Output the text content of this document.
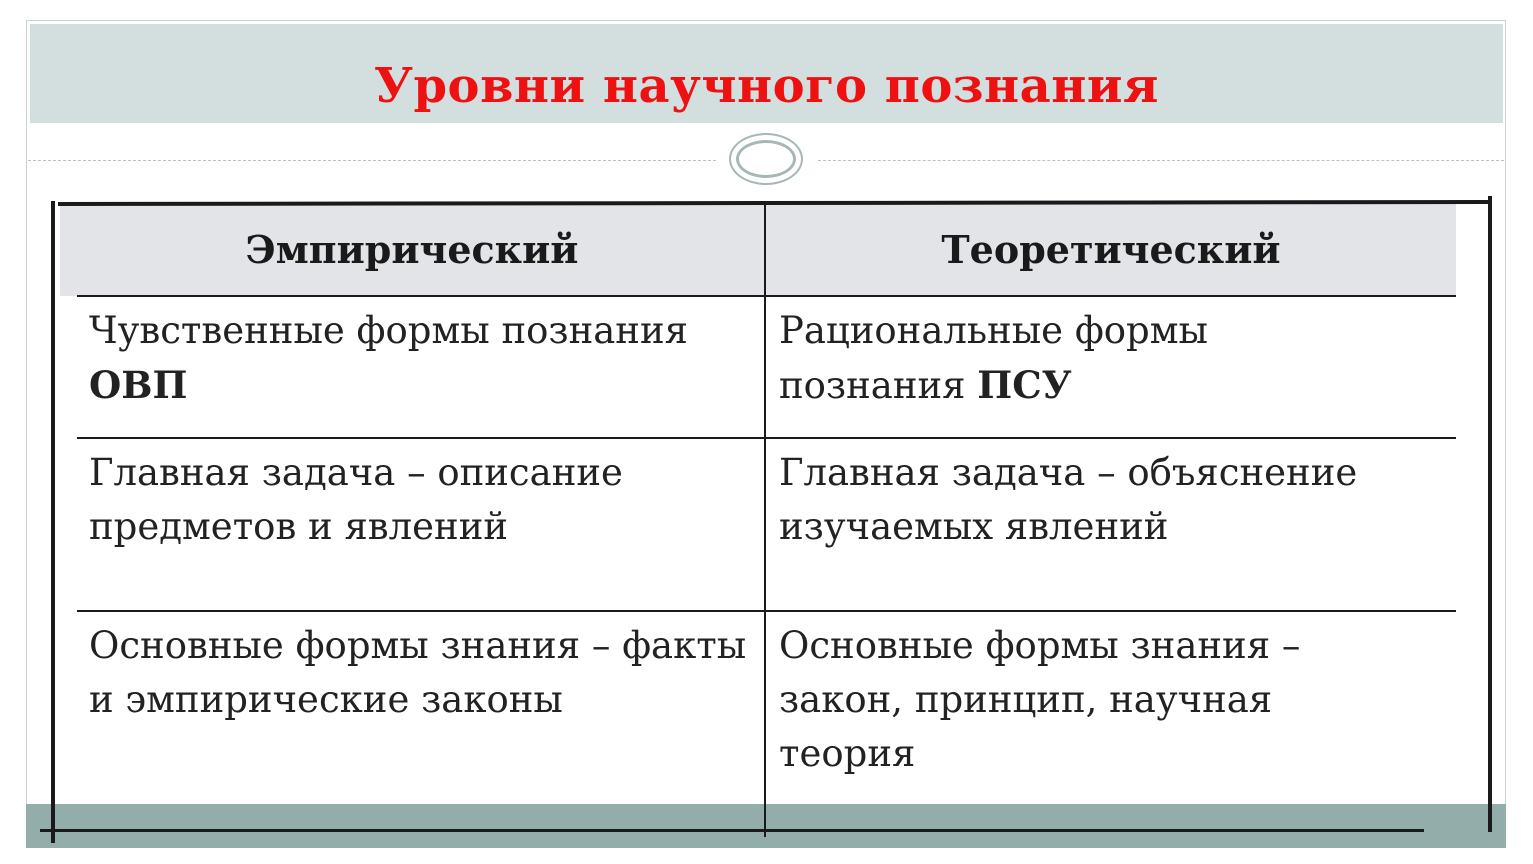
Уровни научного познания
Эмпирический	Теоретический
Чувственные формы познания ОВП
Рациональные формы познания ПСУ
Главная задача – описание предметов и явлений
Главная задача – объяснение изучаемых явлений
Основные формы знания – факты и эмпирические законы
Основные формы знания – закон, принцип, научная теория
